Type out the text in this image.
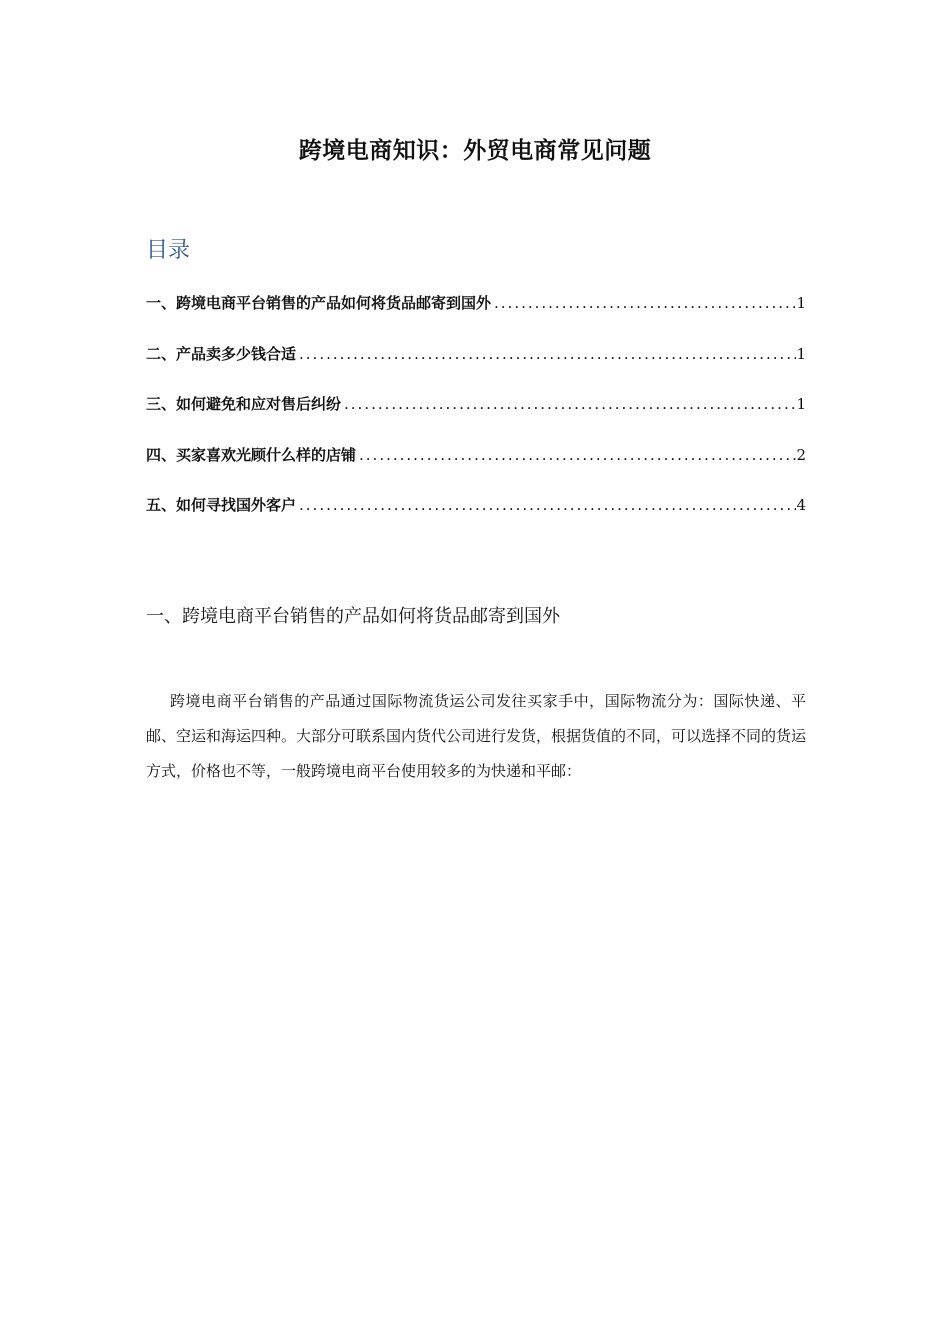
跨境电商知识：外贸电商常见问题
目录
一、跨境电商平台销售的产品如何将货品邮寄到国外 .....	1
二、产品卖多少钱合适 .....	1
三、如何避免和应对售后纠纷 .....	1
四、买家喜欢光顾什么样的店铺 .....	2
五、如何寻找国外客户 .....	4
一、跨境电商平台销售的产品如何将货品邮寄到国外
跨境电商平台销售的产品通过国际物流货运公司发往买家手中，国际物流分为：国际快递、平邮、空运和海运四种。大部分可联系国内货代公司进行发货，根据货值的不同，可以选择不同的货运方式，价格也不等，一般跨境电商平台使用较多的为快递和平邮：
